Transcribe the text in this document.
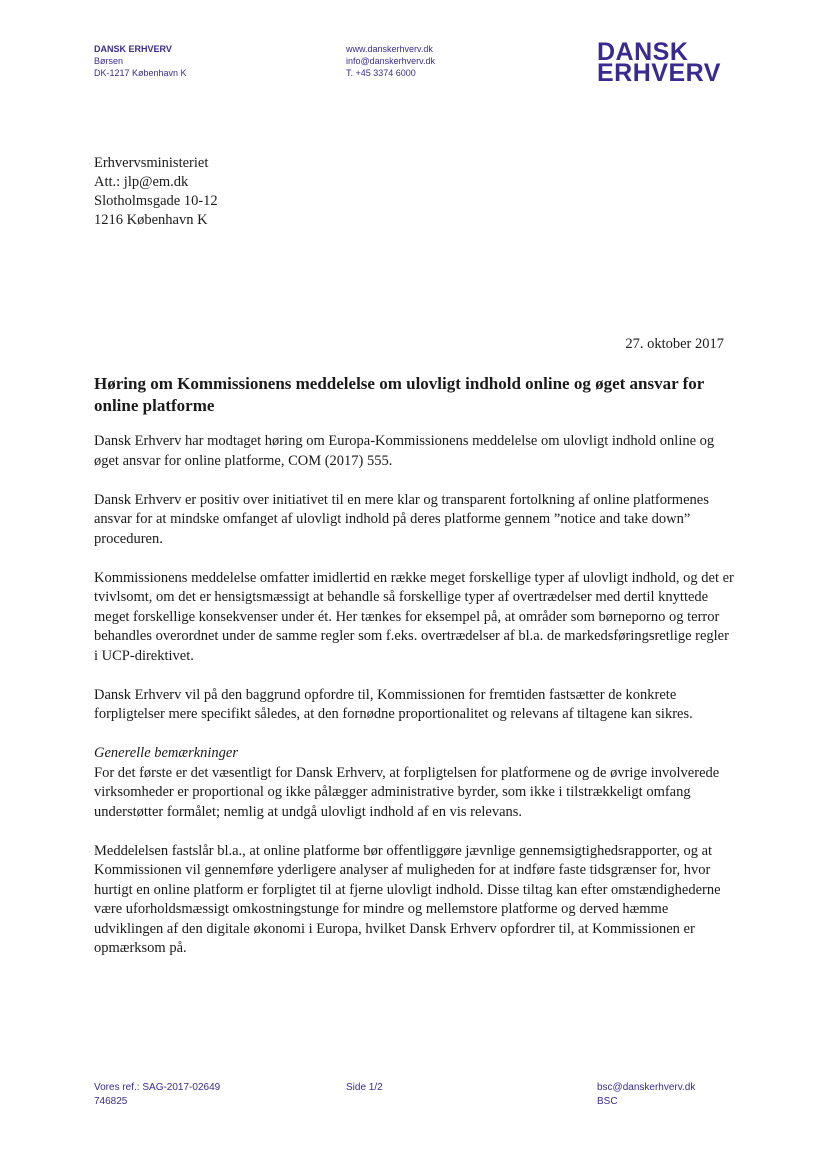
DANSK ERHVERV
Børsen
DK-1217 København K
www.danskerhverv.dk
info@danskerhverv.dk
T. +45 3374 6000
DANSK
ERHVERV
Erhvervsministeriet
Att.: jlp@em.dk
Slotholmsgade 10-12
1216 København K
27. oktober 2017
Høring om Kommissionens meddelelse om ulovligt indhold online og øget ansvar for online platforme

Dansk Erhverv har modtaget høring om Europa-Kommissionens meddelelse om ulovligt indhold online og øget ansvar for online platforme, COM (2017) 555.

Dansk Erhverv er positiv over initiativet til en mere klar og transparent fortolkning af online platformenes ansvar for at mindske omfanget af ulovligt indhold på deres platforme gennem ”notice and take down” proceduren.

Kommissionens meddelelse omfatter imidlertid en række meget forskellige typer af ulovligt indhold, og det er tvivlsomt, om det er hensigtsmæssigt at behandle så forskellige typer af overtrædelser med dertil knyttede meget forskellige konsekvenser under ét. Her tænkes for eksempel på, at områder som børneporno og terror behandles overordnet under de samme regler som f.eks. overtrædelser af bl.a. de markedsføringsretlige regler i UCP-direktivet.

Dansk Erhverv vil på den baggrund opfordre til, Kommissionen for fremtiden fastsætter de konkrete forpligtelser mere specifikt således, at den fornødne proportionalitet og relevans af tiltagene kan sikres.

Generelle bemærkninger

For det første er det væsentligt for Dansk Erhverv, at forpligtelsen for platformene og de øvrige involverede virksomheder er proportional og ikke pålægger administrative byrder, som ikke i tilstrækkeligt omfang understøtter formålet; nemlig at undgå ulovligt indhold af en vis relevans.

Meddelelsen fastslår bl.a., at online platforme bør offentliggøre jævnlige gennemsigtighedsrapporter, og at Kommissionen vil gennemføre yderligere analyser af muligheden for at indføre faste tidsgrænser for, hvor hurtigt en online platform er forpligtet til at fjerne ulovligt indhold. Disse tiltag kan efter omstændighederne være uforholdsmæssigt omkostningstunge for mindre og mellemstore platforme og derved hæmme udviklingen af den digitale økonomi i Europa, hvilket Dansk Erhverv opfordrer til, at Kommissionen er opmærksom på.

Vores ref.: SAG-2017-02649
746825
Side 1/2	bsc@danskerhverv.dk
BSC
